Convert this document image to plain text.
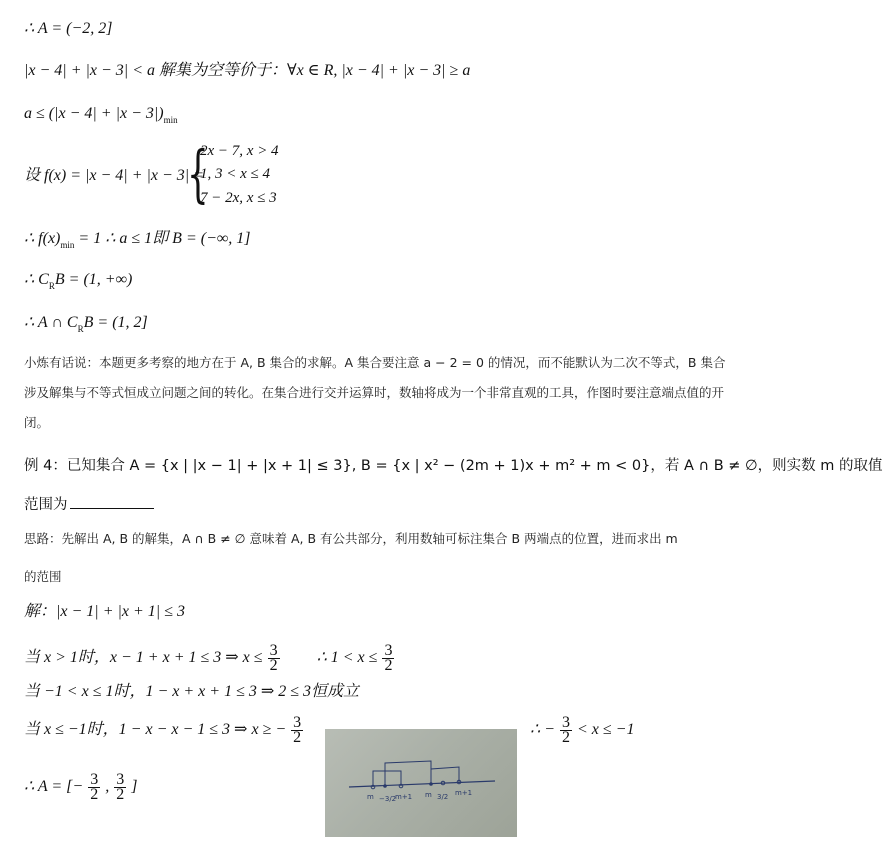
∴ A = (−2, 2]
|x − 4| + |x − 3| < a 解集为空等价于：∀x ∈ R, |x − 4| + |x − 3| ≥ a
$a \le (|x - 4| + |x - 3|)_{min}$
设 f(x) = |x − 4| + |x − 3| =
{
2x − 7, x > 4
1, 3 < x ≤ 4
7 − 2x, x ≤ 3
∴ $f(x)_{min} = 1$ ∴ a ≤ 1即 B = (−∞, 1]
∴ $C_RB = (1$, +∞)
∴ A ∩ $C_RB = (1$, 2]
小炼有话说：本题更多考察的地方在于 A, B 集合的求解。A 集合要注意 a − 2 = 0 的情况，而不能默认为二次不等式，B 集合涉及解集与不等式恒成立问题之间的转化。在集合进行交并运算时，数轴将成为一个非常直观的工具，作图时要注意端点值的开闭。
例 4：已知集合 A = {x | |x − 1| + |x + 1| ≤ 3}, B = {x | x² − (2m + 1)x + m² + m < 0}，若 A ∩ B ≠ ∅，则实数 m 的取值
范围为
思路：先解出 A, B 的解集，A ∩ B ≠ ∅ 意味着 A, B 有公共部分，利用数轴可标注集合 B 两端点的位置，进而求出 m
的范围
解：|x − 1| + |x + 1| ≤ 3
当 x > 1时，x − 1 + x + 1 ≤ 3 ⇒ $x \le \frac{3}{2}$ ∴ $1 < x \le \frac{3}{2}$
当 −1 < x ≤ 1时，1 − x + x + 1 ≤ 3 ⇒ 2 ≤ 3恒成立
当 x ≤ −1时，1 − x − x − 1 ≤ 3 ⇒ x ≥ − $\frac{3}{2}$	∴ − $\frac{3}{2} < x \le -1$
∴ A = [− $\frac{3}{2}$ , $\frac{3}{2}$ ]
m −3/2
m+1 m 3/2 m+1
